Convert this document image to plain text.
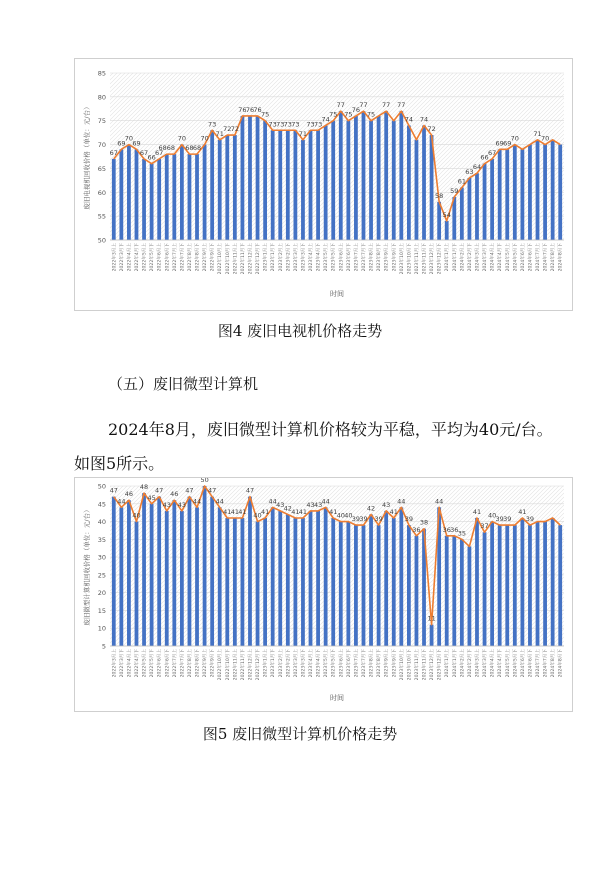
50
55
60
65
70
75
80
85
67
69
70
69
67
66
67
6868
70
68 68
70
73
71
72 72
76 76 76
75
73 73 73 73
71
73 73
74
75
77
75
76
77
75
77 77
74 74
72
58
54
59
61
63
64
66
67
69 69
70
71
70
2022年3月上 2022年3月下 2022年4月上 2022年4月下 2022年5月上 2022年5月下 2022年6月上 2022年6月下 2022年7月上 2022年7月下 2022年8月上 2022年8月下 2022年9月上 2022年9月下 2022年10月上 2022年10月下 2022年11月上 2022年11月下 2022年12月上 2022年12月下 2023年1月上 2023年1月下 2023年2月上 2023年2月下 2023年3月上 2023年3月下 2023年4月上 2023年4月下 2023年5月上 2023年5月下 2023年6月上 2023年6月下 2023年7月上 2023年7月下 2023年8月上 2023年8月下 2023年9月上 2023年9月下 2023年10月上 2023年10月下 2023年11月上 2023年11月下 2023年12月上 2023年12月下 2024年1月上 2024年1月下 2024年2月上 2024年2月下 2024年3月上 2024年3月下 2024年4月上 2024年4月下 2024年5月上 2024年5月下 2024年6月上 2024年6月下 2024年7月上 2024年7月下 2024年8月上 2024年8月下
时间
废旧电视机回收价格（单位：元/台）
图4 废旧电视机价格走势
（五）废旧微型计算机
2024年8月，废旧微型计算机价格较为平稳，平均为40元/台。
如图5所示。
5
10
15
20
25
30
35
40
45
50
47
44
46
40
48
45
47
43
46
43
47
44
50
47
44
41 41 41
47
40 41
44 43 42 41 41
43 43 44
41 40 40 39 39
42
39
43
41
44
39
36
38
11
44
36 36 35
41
37
40 39 39
41
39
2022年3月上 2022年3月下 2022年4月上 2022年4月下 2022年5月上 2022年5月下 2022年6月上 2022年6月下 2022年7月上 2022年7月下 2022年8月上 2022年8月下 2022年9月上 2022年9月下 2022年10月上 2022年10月下 2022年11月上 2022年11月下 2022年12月上 2022年12月下 2023年1月上 2023年1月下 2023年2月上 2023年2月下 2023年3月上 2023年3月下 2023年4月上 2023年4月下 2023年5月上 2023年5月下 2023年6月上 2023年6月下 2023年7月上 2023年7月下 2023年8月上 2023年8月下 2023年9月上 2023年9月下 2023年10月上 2023年10月下 2023年11月上 2023年11月下 2023年12月上 2023年12月下 2024年1月上 2024年1月下 2024年2月上 2024年2月下 2024年3月上 2024年3月下 2024年4月上 2024年4月下 2024年5月上 2024年5月下 2024年6月上 2024年6月下 2024年7月上 2024年7月下 2024年8月上 2024年8月下
时间
废旧微型计算机回收价格（单位：元/台）
图5 废旧微型计算机价格走势
